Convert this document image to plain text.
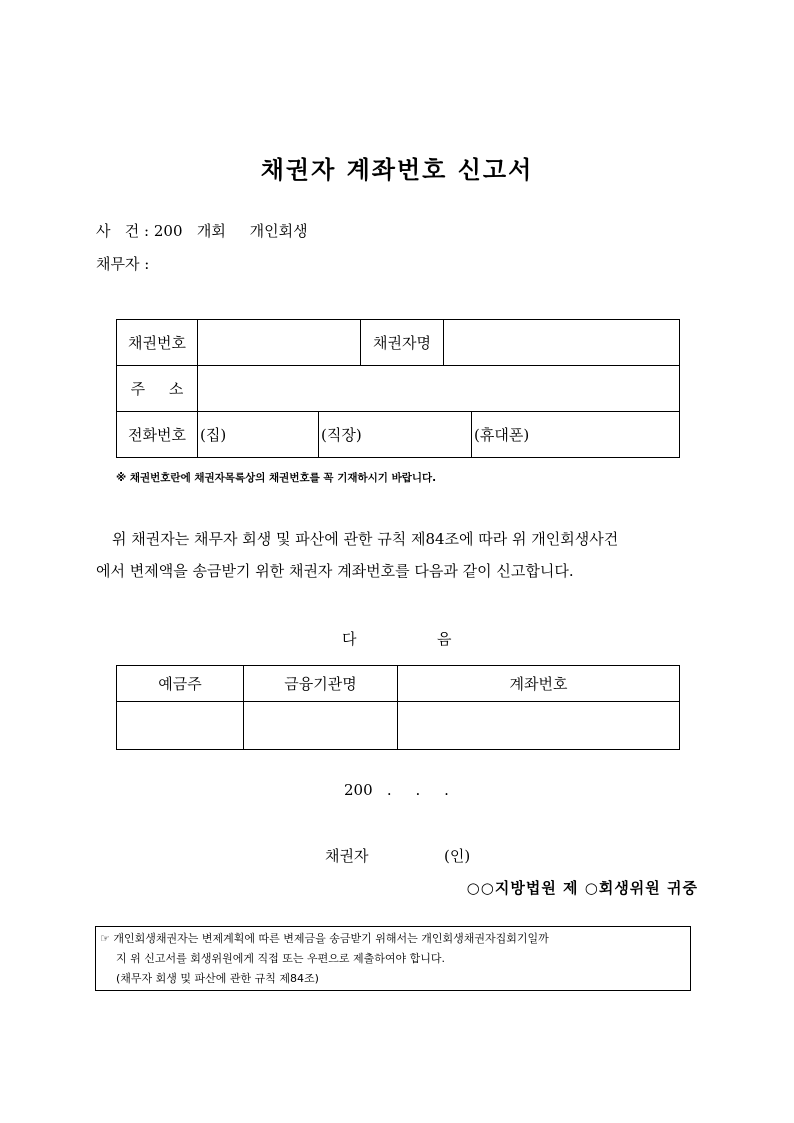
채권자 계좌번호 신고서
사   건 : 200   개회     개인회생
채무자 :
채권번호		채권자명	
주     소	
전화번호	(집)	(직장)	(휴대폰)
※ 채권번호란에 채권자목록상의 채권번호를 꼭 기재하시기 바랍니다.
위 채권자는 채무자 회생 및 파산에 관한 규칙 제84조에 따라 위 개인회생사건
에서 변제액을 송금받기 위한 채권자 계좌번호를 다음과 같이 신고합니다.
다	음
예금주	금융기관명	계좌번호

200   .     .     .
채권자	(인)
○○지방법원 제 ○회생위원 귀중
☞ 개인회생채권자는 변제계획에 따른 변제금을 송금받기 위해서는 개인회생채권자집회기일까
지 위 신고서를 회생위원에게 직접 또는 우편으로 제출하여야 합니다.
(채무자 회생 및 파산에 관한 규칙 제84조)
